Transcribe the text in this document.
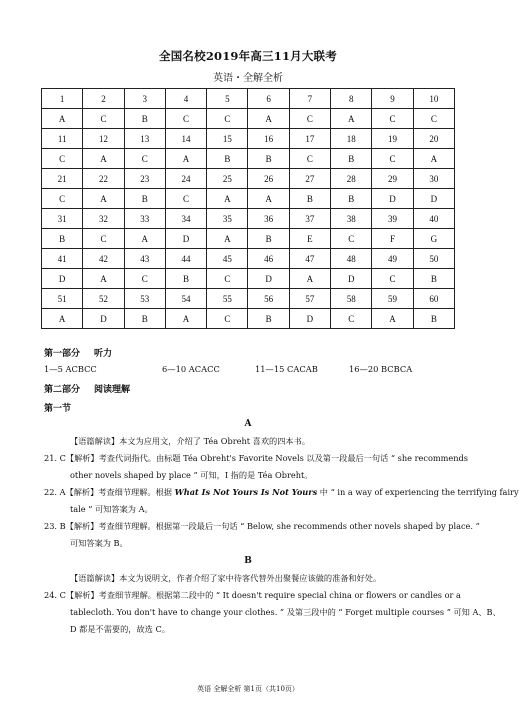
全国名校2019年高三11月大联考
英语・全解全析
1	2	3	4	5	6	7	8	9	10
A	C	B	C	C	A	C	A	C	C
11	12	13	14	15	16	17	18	19	20
C	A	C	A	B	B	C	B	C	A
21	22	23	24	25	26	27	28	29	30
C	A	B	C	A	A	B	B	D	D
31	32	33	34	35	36	37	38	39	40
B	C	A	D	A	B	E	C	F	G
41	42	43	44	45	46	47	48	49	50
D	A	C	B	C	D	A	D	C	B
51	52	53	54	55	56	57	58	59	60
A	D	B	A	C	B	D	C	A	B
第一部分 听力
1—5 ACBCC	6—10 ACACC	11—15 CACAB	16—20 BCBCA
第二部分 阅读理解
第一节
A
【语篇解读】本文为应用文，介绍了 Téa Obreht 喜欢的四本书。
21. C【解析】考查代词指代。由标题 Téa Obreht's Favorite Novels 以及第一段最后一句话 “ she recommends
other novels shaped by place ” 可知，I 指的是 Téa Obreht。
22. A【解析】考查细节理解。根据 What Is Not Yours Is Not Yours 中 “ in a way of experiencing the terrifying fairy
tale ” 可知答案为 A。
23. B【解析】考查细节理解。根据第一段最后一句话 “ Below, she recommends other novels shaped by place. ”
可知答案为 B。
B
【语篇解读】本文为说明文，作者介绍了家中待客代替外出聚餐应该做的准备和好处。
24. C【解析】考查细节理解。根据第二段中的 “ It doesn't require special china or flowers or candles or a
tablecloth. You don't have to change your clothes. ” 及第三段中的 “ Forget multiple courses ” 可知 A、B、
D 都是不需要的，故选 C。
英语 全解全析 第1页（共10页）
